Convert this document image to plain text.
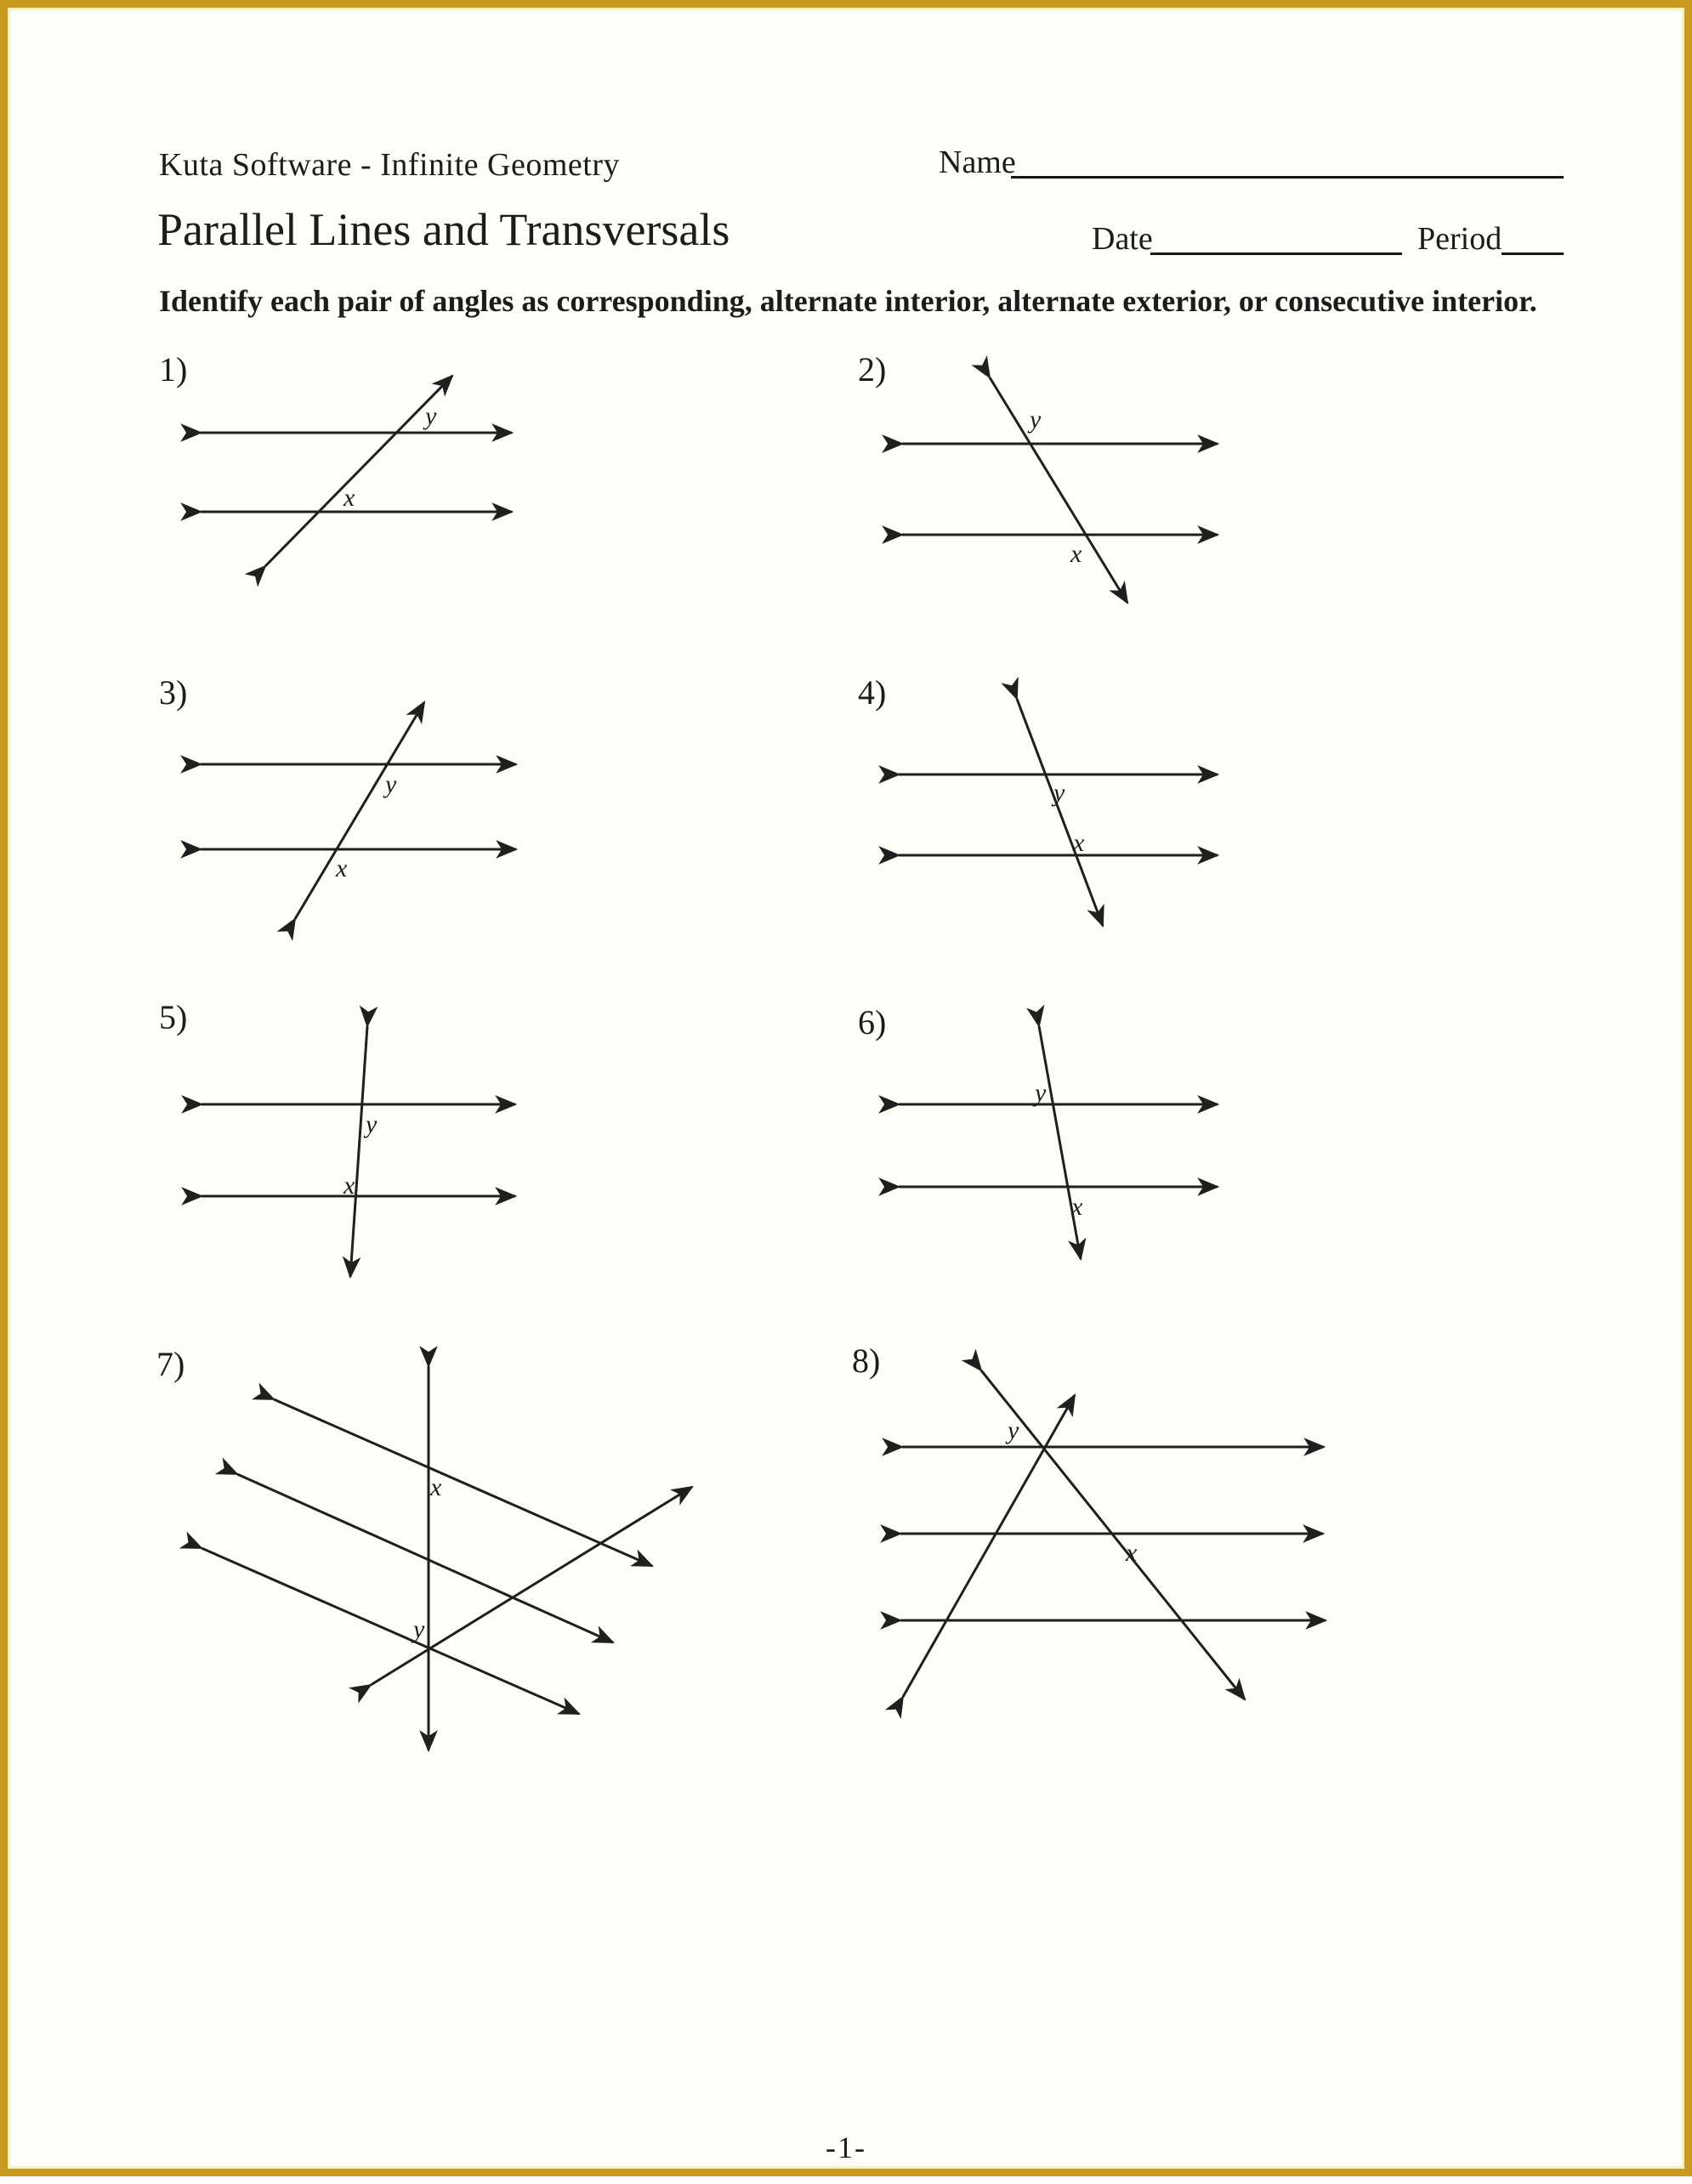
Kuta Software - Infinite Geometry
Parallel Lines and Transversals
Name
Date	Period
Identify each pair of angles as corresponding, alternate interior, alternate exterior, or consecutive interior.
1)	2)
3)	4)
5)	6)
7)	8)
y
x
y
x
y
x
y
x
y
x
y
x
x
y
y
x
-1-
